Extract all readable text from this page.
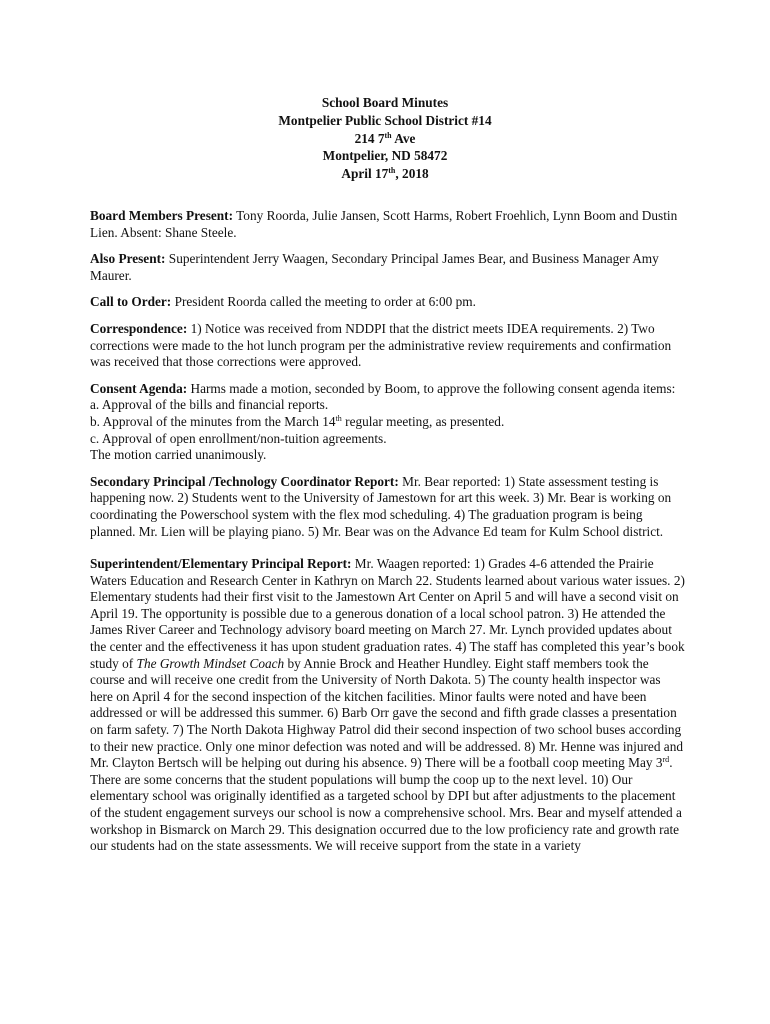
School Board Minutes
Montpelier Public School District #14
214 7th Ave
Montpelier, ND 58472
April 17th, 2018

Board Members Present: Tony Roorda, Julie Jansen, Scott Harms, Robert Froehlich, Lynn Boom and Dustin Lien. Absent: Shane Steele.

Also Present: Superintendent Jerry Waagen, Secondary Principal James Bear, and Business Manager Amy Maurer.

Call to Order: President Roorda called the meeting to order at 6:00 pm.

Correspondence: 1) Notice was received from NDDPI that the district meets IDEA requirements. 2) Two corrections were made to the hot lunch program per the administrative review requirements and confirmation was received that those corrections were approved.

Consent Agenda: Harms made a motion, seconded by Boom, to approve the following consent agenda items:
a. Approval of the bills and financial reports.
b. Approval of the minutes from the March 14th regular meeting, as presented.
c. Approval of open enrollment/non-tuition agreements.
The motion carried unanimously.

Secondary Principal /Technology Coordinator Report: Mr. Bear reported: 1) State assessment testing is happening now. 2) Students went to the University of Jamestown for art this week. 3) Mr. Bear is working on coordinating the Powerschool system with the flex mod scheduling. 4) The graduation program is being planned. Mr. Lien will be playing piano. 5) Mr. Bear was on the Advance Ed team for Kulm School district.

Superintendent/Elementary Principal Report: Mr. Waagen reported: 1) Grades 4-6 attended the Prairie Waters Education and Research Center in Kathryn on March 22. Students learned about various water issues. 2) Elementary students had their first visit to the Jamestown Art Center on April 5 and will have a second visit on April 19. The opportunity is possible due to a generous donation of a local school patron. 3) He attended the James River Career and Technology advisory board meeting on March 27. Mr. Lynch provided updates about the center and the effectiveness it has upon student graduation rates. 4) The staff has completed this year’s book study of The Growth Mindset Coach by Annie Brock and Heather Hundley. Eight staff members took the course and will receive one credit from the University of North Dakota. 5) The county health inspector was here on April 4 for the second inspection of the kitchen facilities. Minor faults were noted and have been addressed or will be addressed this summer. 6) Barb Orr gave the second and fifth grade classes a presentation on farm safety. 7) The North Dakota Highway Patrol did their second inspection of two school buses according to their new practice. Only one minor defection was noted and will be addressed. 8) Mr. Henne was injured and Mr. Clayton Bertsch will be helping out during his absence. 9) There will be a football coop meeting May 3rd. There are some concerns that the student populations will bump the coop up to the next level. 10) Our elementary school was originally identified as a targeted school by DPI but after adjustments to the placement of the student engagement surveys our school is now a comprehensive school. Mrs. Bear and myself attended a workshop in Bismarck on March 29. This designation occurred due to the low proficiency rate and growth rate our students had on the state assessments. We will receive support from the state in a variety
